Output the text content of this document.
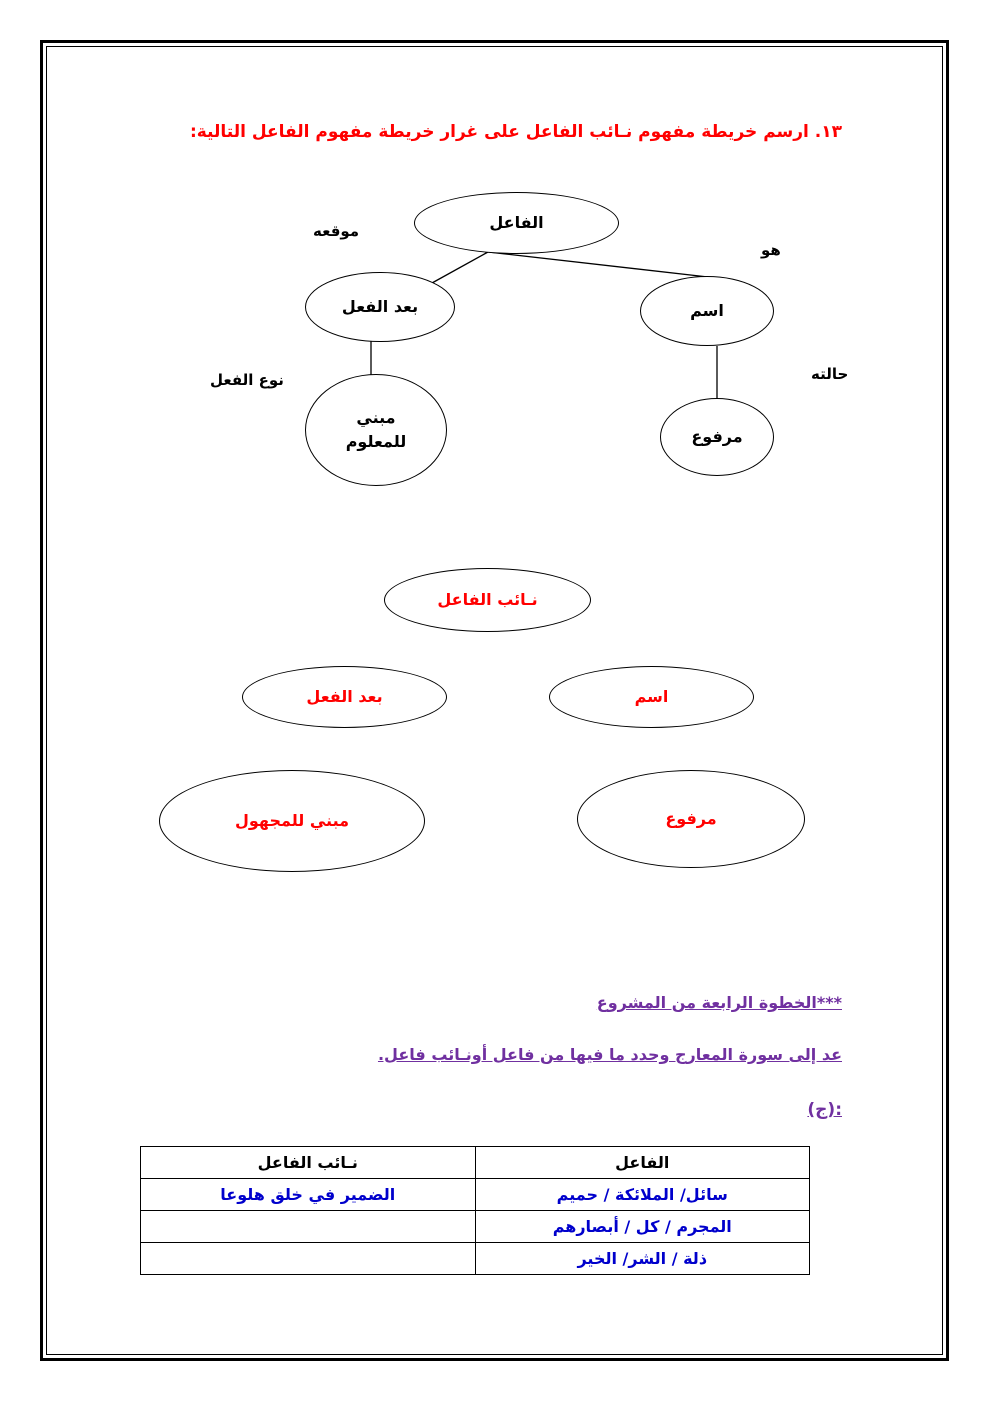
١٣. ارسم خريطة مفهوم نـائب الفاعل على غرار خريطة مفهوم الفاعل التالية:
الفاعل
بعد الفعل	اسم
مبني
للمعلوم	مرفوع
موقعه
هو
نوع الفعل	حالته
نـائب الفاعل
بعد الفعل	اسم
مبني للمجهول	مرفوع
***الخطوة الرابعة من المشروع
عد إلى سورة المعارج وحدد ما فيها من فاعل أونـائب فاعل.
:(ج)
الفاعل	نـائب الفاعل
سائل/ الملائكة / حميم	الضمير في خلق هلوعا
المجرم / كل / أبصارهم	
ذلة / الشر/ الخير	
